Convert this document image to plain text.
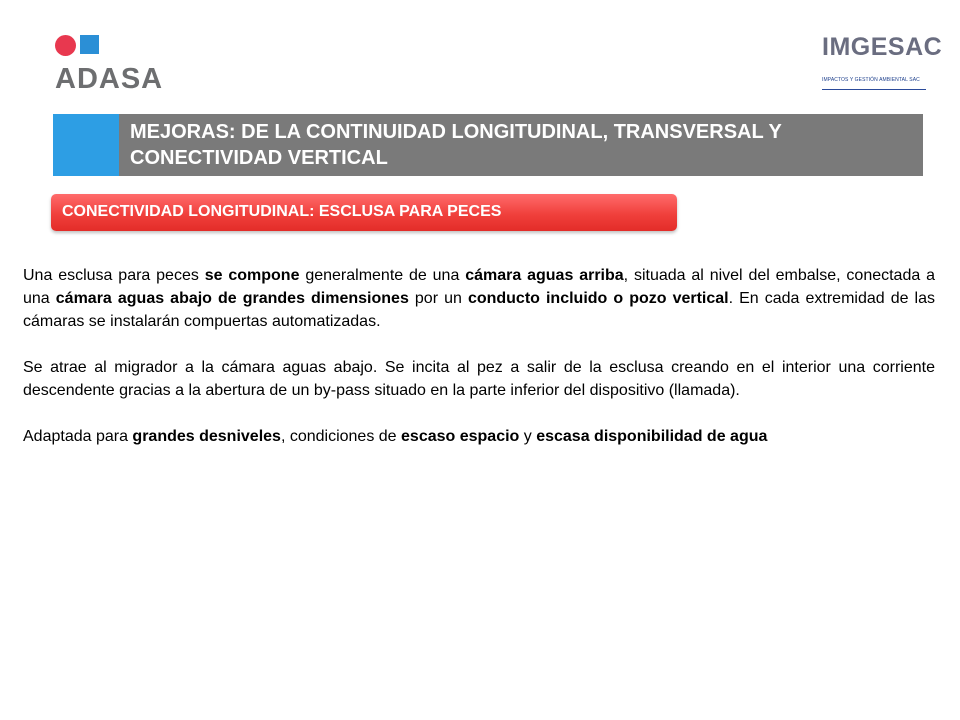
ADASA
IMGESAC
IMPACTOS Y GESTIÓN AMBIENTAL SAC
MEJORAS: DE LA CONTINUIDAD LONGITUDINAL, TRANSVERSAL Y CONECTIVIDAD VERTICAL
CONECTIVIDAD LONGITUDINAL: ESCLUSA PARA PECES

Una esclusa para peces se compone generalmente de una cámara aguas arriba, situada al nivel del embalse, conectada a una cámara aguas abajo de grandes dimensiones por un conducto incluido o pozo vertical. En cada extremidad de las cámaras se instalarán compuertas automatizadas.

Se atrae al migrador a la cámara aguas abajo. Se incita al pez a salir de la esclusa creando en el interior una corriente descendente gracias a la abertura de un by-pass situado en la parte inferior del dispositivo (llamada).

Adaptada para grandes desniveles, condiciones de escaso espacio y escasa disponibilidad de agua
